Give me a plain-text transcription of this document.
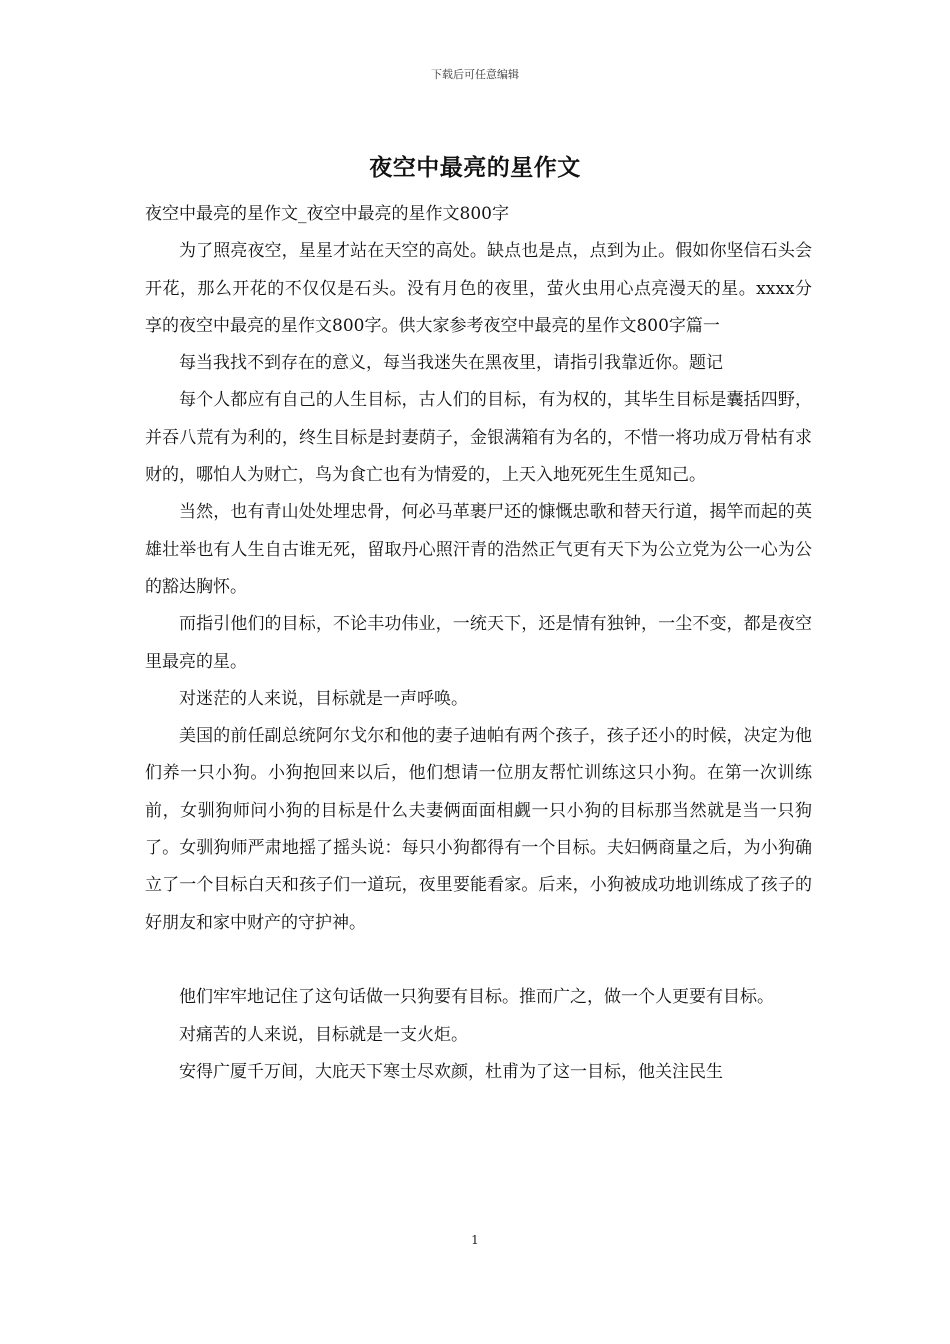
下载后可任意编辑
夜空中最亮的星作文

夜空中最亮的星作文_夜空中最亮的星作文800字

为了照亮夜空，星星才站在天空的高处。缺点也是点，点到为止。假如你坚信石头会开花，那么开花的不仅仅是石头。没有月色的夜里，萤火虫用心点亮漫天的星。xxxx分享的夜空中最亮的星作文800字。供大家参考夜空中最亮的星作文800字篇一

每当我找不到存在的意义，每当我迷失在黑夜里，请指引我靠近你。题记

每个人都应有自己的人生目标，古人们的目标，有为权的，其毕生目标是囊括四野，并吞八荒有为利的，终生目标是封妻荫子，金银满箱有为名的，不惜一将功成万骨枯有求财的，哪怕人为财亡，鸟为食亡也有为情爱的，上天入地死死生生觅知己。

当然，也有青山处处埋忠骨，何必马革裹尸还的慷慨忠歌和替天行道，揭竿而起的英雄壮举也有人生自古谁无死，留取丹心照汗青的浩然正气更有天下为公立党为公一心为公的豁达胸怀。

而指引他们的目标，不论丰功伟业，一统天下，还是情有独钟，一尘不变，都是夜空里最亮的星。

对迷茫的人来说，目标就是一声呼唤。

美国的前任副总统阿尔戈尔和他的妻子迪帕有两个孩子，孩子还小的时候，决定为他们养一只小狗。小狗抱回来以后，他们想请一位朋友帮忙训练这只小狗。在第一次训练前，女驯狗师问小狗的目标是什么夫妻俩面面相觑一只小狗的目标那当然就是当一只狗了。女驯狗师严肃地摇了摇头说：每只小狗都得有一个目标。夫妇俩商量之后，为小狗确立了一个目标白天和孩子们一道玩，夜里要能看家。后来，小狗被成功地训练成了孩子的好朋友和家中财产的守护神。

他们牢牢地记住了这句话做一只狗要有目标。推而广之，做一个人更要有目标。

对痛苦的人来说，目标就是一支火炬。

安得广厦千万间，大庇天下寒士尽欢颜，杜甫为了这一目标，他关注民生

1
